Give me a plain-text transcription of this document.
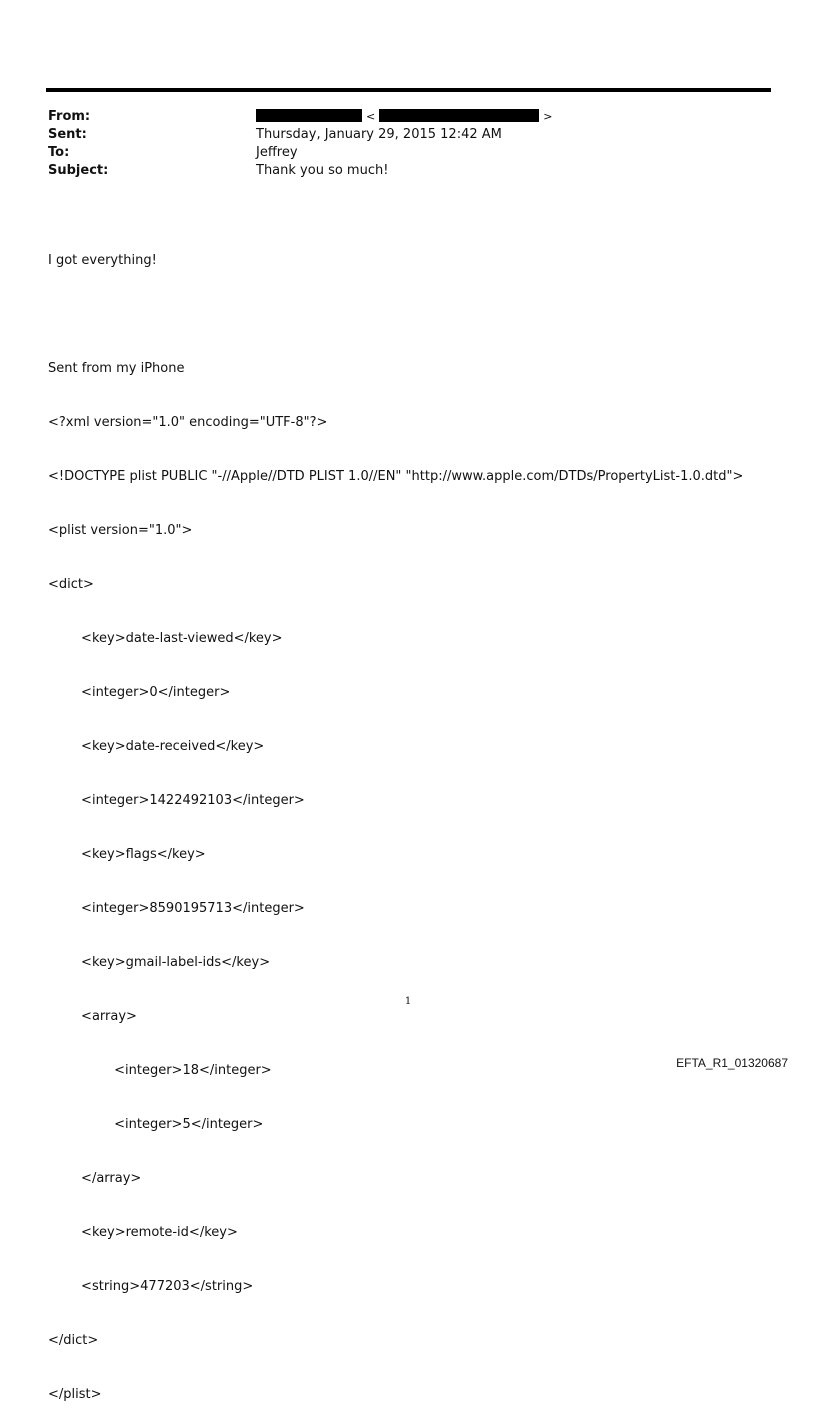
From:	<	>
Sent:	Thursday, January 29, 2015 12:42 AM
To:	Jeffrey
Subject:	Thank you so much!

I got everything!

Sent from my iPhone

<?xml version="1.0" encoding="UTF-8"?>

<!DOCTYPE plist PUBLIC "-//Apple//DTD PLIST 1.0//EN" "http://www.apple.com/DTDs/PropertyList-1.0.dtd">

<plist version="1.0">

<dict>

<key>date-last-viewed</key>

<integer>0</integer>

<key>date-received</key>

<integer>1422492103</integer>

<key>flags</key>

<integer>8590195713</integer>

<key>gmail-label-ids</key>

<array>

<integer>18</integer>

<integer>5</integer>

</array>

<key>remote-id</key>

<string>477203</string>

</dict>

</plist>

1
EFTA_R1_01320687
